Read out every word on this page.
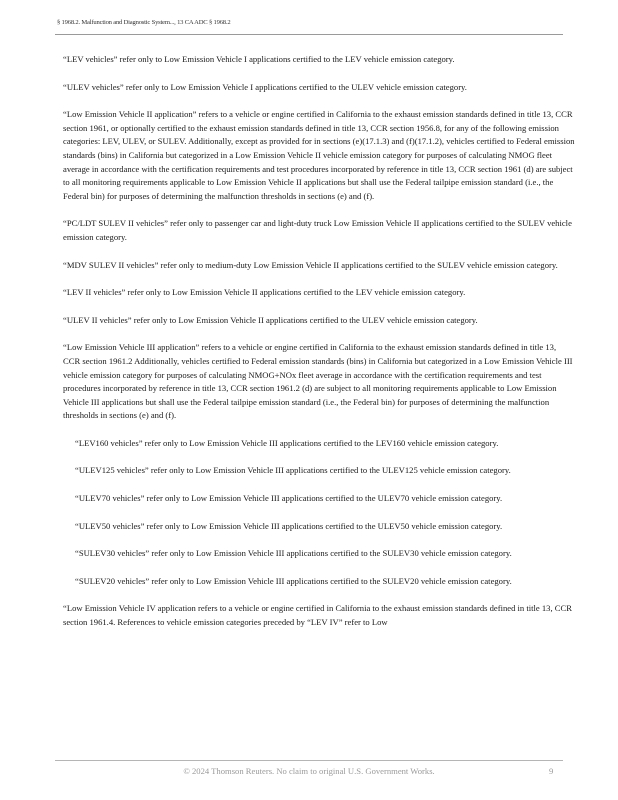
§ 1968.2. Malfunction and Diagnostic System..., 13 CA ADC § 1968.2

“LEV vehicles” refer only to Low Emission Vehicle I applications certified to the LEV vehicle emission category.

“ULEV vehicles” refer only to Low Emission Vehicle I applications certified to the ULEV vehicle emission category.

“Low Emission Vehicle II application” refers to a vehicle or engine certified in California to the exhaust emission standards defined in title 13, CCR section 1961, or optionally certified to the exhaust emission standards defined in title 13, CCR section 1956.8, for any of the following emission categories: LEV, ULEV, or SULEV. Additionally, except as provided for in sections (e)(17.1.3) and (f)(17.1.2), vehicles certified to Federal emission standards (bins) in California but categorized in a Low Emission Vehicle II vehicle emission category for purposes of calculating NMOG fleet average in accordance with the certification requirements and test procedures incorporated by reference in title 13, CCR section 1961 (d) are subject to all monitoring requirements applicable to Low Emission Vehicle II applications but shall use the Federal tailpipe emission standard (i.e., the Federal bin) for purposes of determining the malfunction thresholds in sections (e) and (f).

“PC/LDT SULEV II vehicles” refer only to passenger car and light-duty truck Low Emission Vehicle II applications certified to the SULEV vehicle emission category.

“MDV SULEV II vehicles” refer only to medium-duty Low Emission Vehicle II applications certified to the SULEV vehicle emission category.

“LEV II vehicles” refer only to Low Emission Vehicle II applications certified to the LEV vehicle emission category.

“ULEV II vehicles” refer only to Low Emission Vehicle II applications certified to the ULEV vehicle emission category.

“Low Emission Vehicle III application” refers to a vehicle or engine certified in California to the exhaust emission standards defined in title 13, CCR section 1961.2 Additionally, vehicles certified to Federal emission standards (bins) in California but categorized in a Low Emission Vehicle III vehicle emission category for purposes of calculating NMOG+NOx fleet average in accordance with the certification requirements and test procedures incorporated by reference in title 13, CCR section 1961.2 (d) are subject to all monitoring requirements applicable to Low Emission Vehicle III applications but shall use the Federal tailpipe emission standard (i.e., the Federal bin) for purposes of determining the malfunction thresholds in sections (e) and (f).

“LEV160 vehicles” refer only to Low Emission Vehicle III applications certified to the LEV160 vehicle emission category.

“ULEV125 vehicles” refer only to Low Emission Vehicle III applications certified to the ULEV125 vehicle emission category.

“ULEV70 vehicles” refer only to Low Emission Vehicle III applications certified to the ULEV70 vehicle emission category.

“ULEV50 vehicles” refer only to Low Emission Vehicle III applications certified to the ULEV50 vehicle emission category.

“SULEV30 vehicles” refer only to Low Emission Vehicle III applications certified to the SULEV30 vehicle emission category.

“SULEV20 vehicles” refer only to Low Emission Vehicle III applications certified to the SULEV20 vehicle emission category.

“Low Emission Vehicle IV application refers to a vehicle or engine certified in California to the exhaust emission standards defined in title 13, CCR section 1961.4. References to vehicle emission categories preceded by “LEV IV” refer to Low

© 2024 Thomson Reuters. No claim to original U.S. Government Works.	9
